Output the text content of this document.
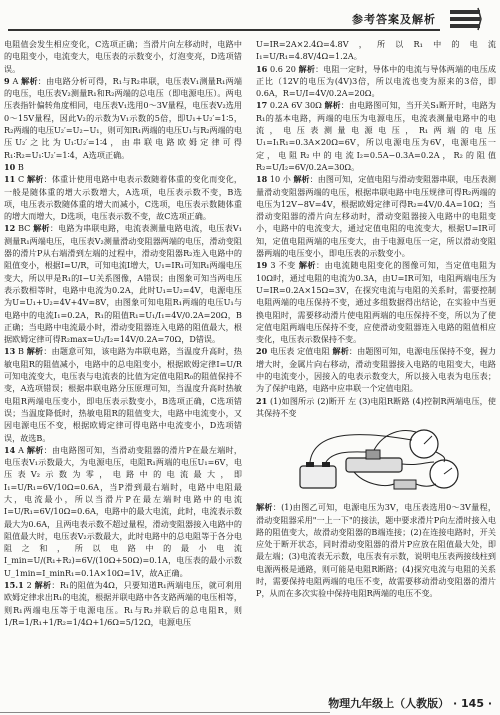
参考答案及解析

电阻值会发生相应变化，C选项正确；当滑片向左移动时，电路中的电阻变小，电流变大，电压表的示数变小，灯泡变亮，D选项错误。

9 A 解析：由电路分析可得，R₁与R₂串联，电压表V₁测量R₁两端的电压，电压表V₂测量R₁和R₂两端的总电压（即电源电压）。两电压表指针偏转角度相同，电压表V₁选用0～3V量程，电压表V₂选用0～15V量程，因此V₂的示数为V₁示数的5倍，即U₁+U₂′=1∶5，R₂两端的电压U₂′=U₂−U₁，则可知R₁两端的电压U₁与R₂两端的电压U₂′之比为U₁∶U₂′=1∶4，由串联电路欧姆定律可得R₁∶R₂=U₁∶U₂′=1∶4，A选项正确。

10 B

11 C 解析：体重计使用电路中电表示数随着体重的变化而变化，一般是随体重的增大示数增大，A选项，电压表示数不变，B选项，电压表示数随体重的增大而减小，C选项，电压表示数随体重的增大而增大，D选项，电压表示数不变，故C选项正确。

12 BC 解析：电路为串联电路，电流表测量电路电流，电压表V₁测量R₁两端电压，电压表V₂测量滑动变阻器两端的电压，滑动变阻器的滑片P从右端滑到左端的过程中，滑动变阻器R₂连入电路中的阻值变小，根据I=U/R，可知电流I增大，U₁=IR₁可知R₁两端电压变大，所以甲是R₁的I−U关系图像，A错误；由图象可知当两电压表示数相等时，电路中电流为0.2A，此时U₁=U₂=4V，电源电压为U=U₁+U₂=4V+4V=8V，由图象可知电阻R₁两端的电压U₁与电路中的电流I₁=0.2A，R₁的阻值R₁=U₁/I₁=4V/0.2A=20Ω，B正确；当电路中电流最小时，滑动变阻器连入电路的阻值最大，根据欧姆定律可得R₂max=U₂/I₂=14V/0.2A=70Ω，D错误。

13 B 解析：由题意可知，该电路为串联电路，当温度升高时，热敏电阻R的阻值减小，电路中的总电阻变小，根据欧姆定律I=U/R可知电流变大，电压表与电流表的比值为定值电阻R₀的阻值保持不变，A选项错误；根据串联电路分压原理可知，当温度升高时热敏电阻R两端电压变小，即电压表示数变小，B选项正确，C选项错误；当温度降低时，热敏电阻R的阻值变大，电路中电流变小，又因电源电压不变，根据欧姆定律可得电路中电流变小，D选项错误，故选B。

14 A 解析：由电路图可知，当滑动变阻器的滑片P在最左端时，电压表V₁示数最大，为电源电压，电阻R₁两端的电压U₁=6V，电压表V₂示数为零，电路中的电流最大，即I₁=U/R₁=6V/10Ω=0.6A，当P滑到最右端时，电路中电阻最大，电流最小，所以当滑片P在最左端时电路中的电流I=U/R₁=6V/10Ω=0.6A，电路中的最大电流，此时，电流表示数最大为0.6A，且两电表示数不超过量程，滑动变阻器接入电路中的阻值最大时，电压表V₂示数最大，此时电路中的总电阻等于各分电阻之和，所以电路中的最小电流I_min=U/(R₁+R₂)=6V/(10Ω+50Ω)=0.1A，电压表的最小示数U_1min=I_minR₁=0.1A×10Ω=1V，故A正确。

15.1 2 解析：R₁的阻值为4Ω，只要知道R₁两端电压，就可利用欧姆定律求出R₁的电流，根据并联电路中各支路两端的电压相等，则R₁两端电压等于电源电压。R₁与R₂并联后的总电阻R，则1/R=1/R₁+1/R₂=1/4Ω+1/6Ω=5/12Ω，电源电压

U=IR=2A×2.4Ω=4.8V，所以R₁中的电流I₁=U/R₁=4.8V/4Ω=1.2A。

16 0.6 20 解析：电阻一定时，导体中的电流与导体两端的电压成正比（12V的电压为(4V)3倍，所以电流也变为原来的3倍，即0.6A，R=U/I=4V/0.2A=20Ω。

17 0.2A 6V 30Ω 解析：由电路图可知，当开关S₁断开时，电路为R₁的基本电路，两端的电压为电源电压，电流表测量电路中的电流，电压表测量电源电压，R₁两端的电压U₁=I₁R₁=0.3A×20Ω=6V，所以电源电压为6V，电源电压一定，电阻R₂中的电流I₂=0.5A−0.3A=0.2A，R₂的阻值R₂=U/I₂=6V/0.2A=30Ω。

18 10 小 解析：由图可知，定值电阻与滑动变阻器串联，电压表测量滑动变阻器两端的电压，根据串联电路中电压规律可得R₂两端的电压为12V−8V=4V，根据欧姆定律可得R₂=4V/0.4A=10Ω；当滑动变阻器的滑片向左移动时，滑动变阻器接入电路中的电阻变小，电路中的电流变大，通过定值电阻的电流变大，根据U=IR可知，定值电阻两端的电压变大，由于电源电压一定，所以滑动变阻器两端的电压变小，即电压表的示数变小。

19 3 不变 解析：由电流随电阻变化的图像可知，当定值电阻为10Ω时，通过电阻的电流为0.3A，由U=IR可知，电阻两端电压为U=IR=0.2A×15Ω=3V，在探究电流与电阻的关系时，需要控制电阻两端的电压保持不变，通过多组数据得出结论，在实验中当更换电阻时，需要移动滑片使电阻两端的电压保持不变，所以为了使定值电阻两端电压保持不变，应使滑动变阻器连入电路的阻值相应变化，电压表示数保持不变。

20 电压表 定值电阻 解析：由题图可知，电源电压保持不变，握力增大时，金属片向右移动，滑动变阻器接入电路的电阻变大，电路中的电流变小，因接入的电表示数变大，所以接入电表为电压表；为了保护电路，电路中应串联一个定值电阻。

21 (1)如图所示 (2)断开 左 (3)电阻R断路 (4)控制R两端电压，使其保持不变

解析：(1)由图乙可知，电源电压为3V，电压表选用0～3V量程，滑动变阻器采用"一上一下"的接法，题中要求滑片P向左滑时接入电路的阻值变大，故滑动变阻器的B端连接；(2)在连接电路时，开关应处于断开状态，同时滑动变阻器的滑片P应放在阻值最大处，即最左端；(3)电流表无示数，电压表有示数，说明电压表两接线柱到电源两极是通路，则可能是电阻R断路；(4)探究电流与电阻的关系时，需要保持电阻两端的电压不变，故需要移动滑动变阻器的滑片P，从而在多次实验中保持电阻R两端的电压不变。

物理九年级上（人教版） · 145 ·
